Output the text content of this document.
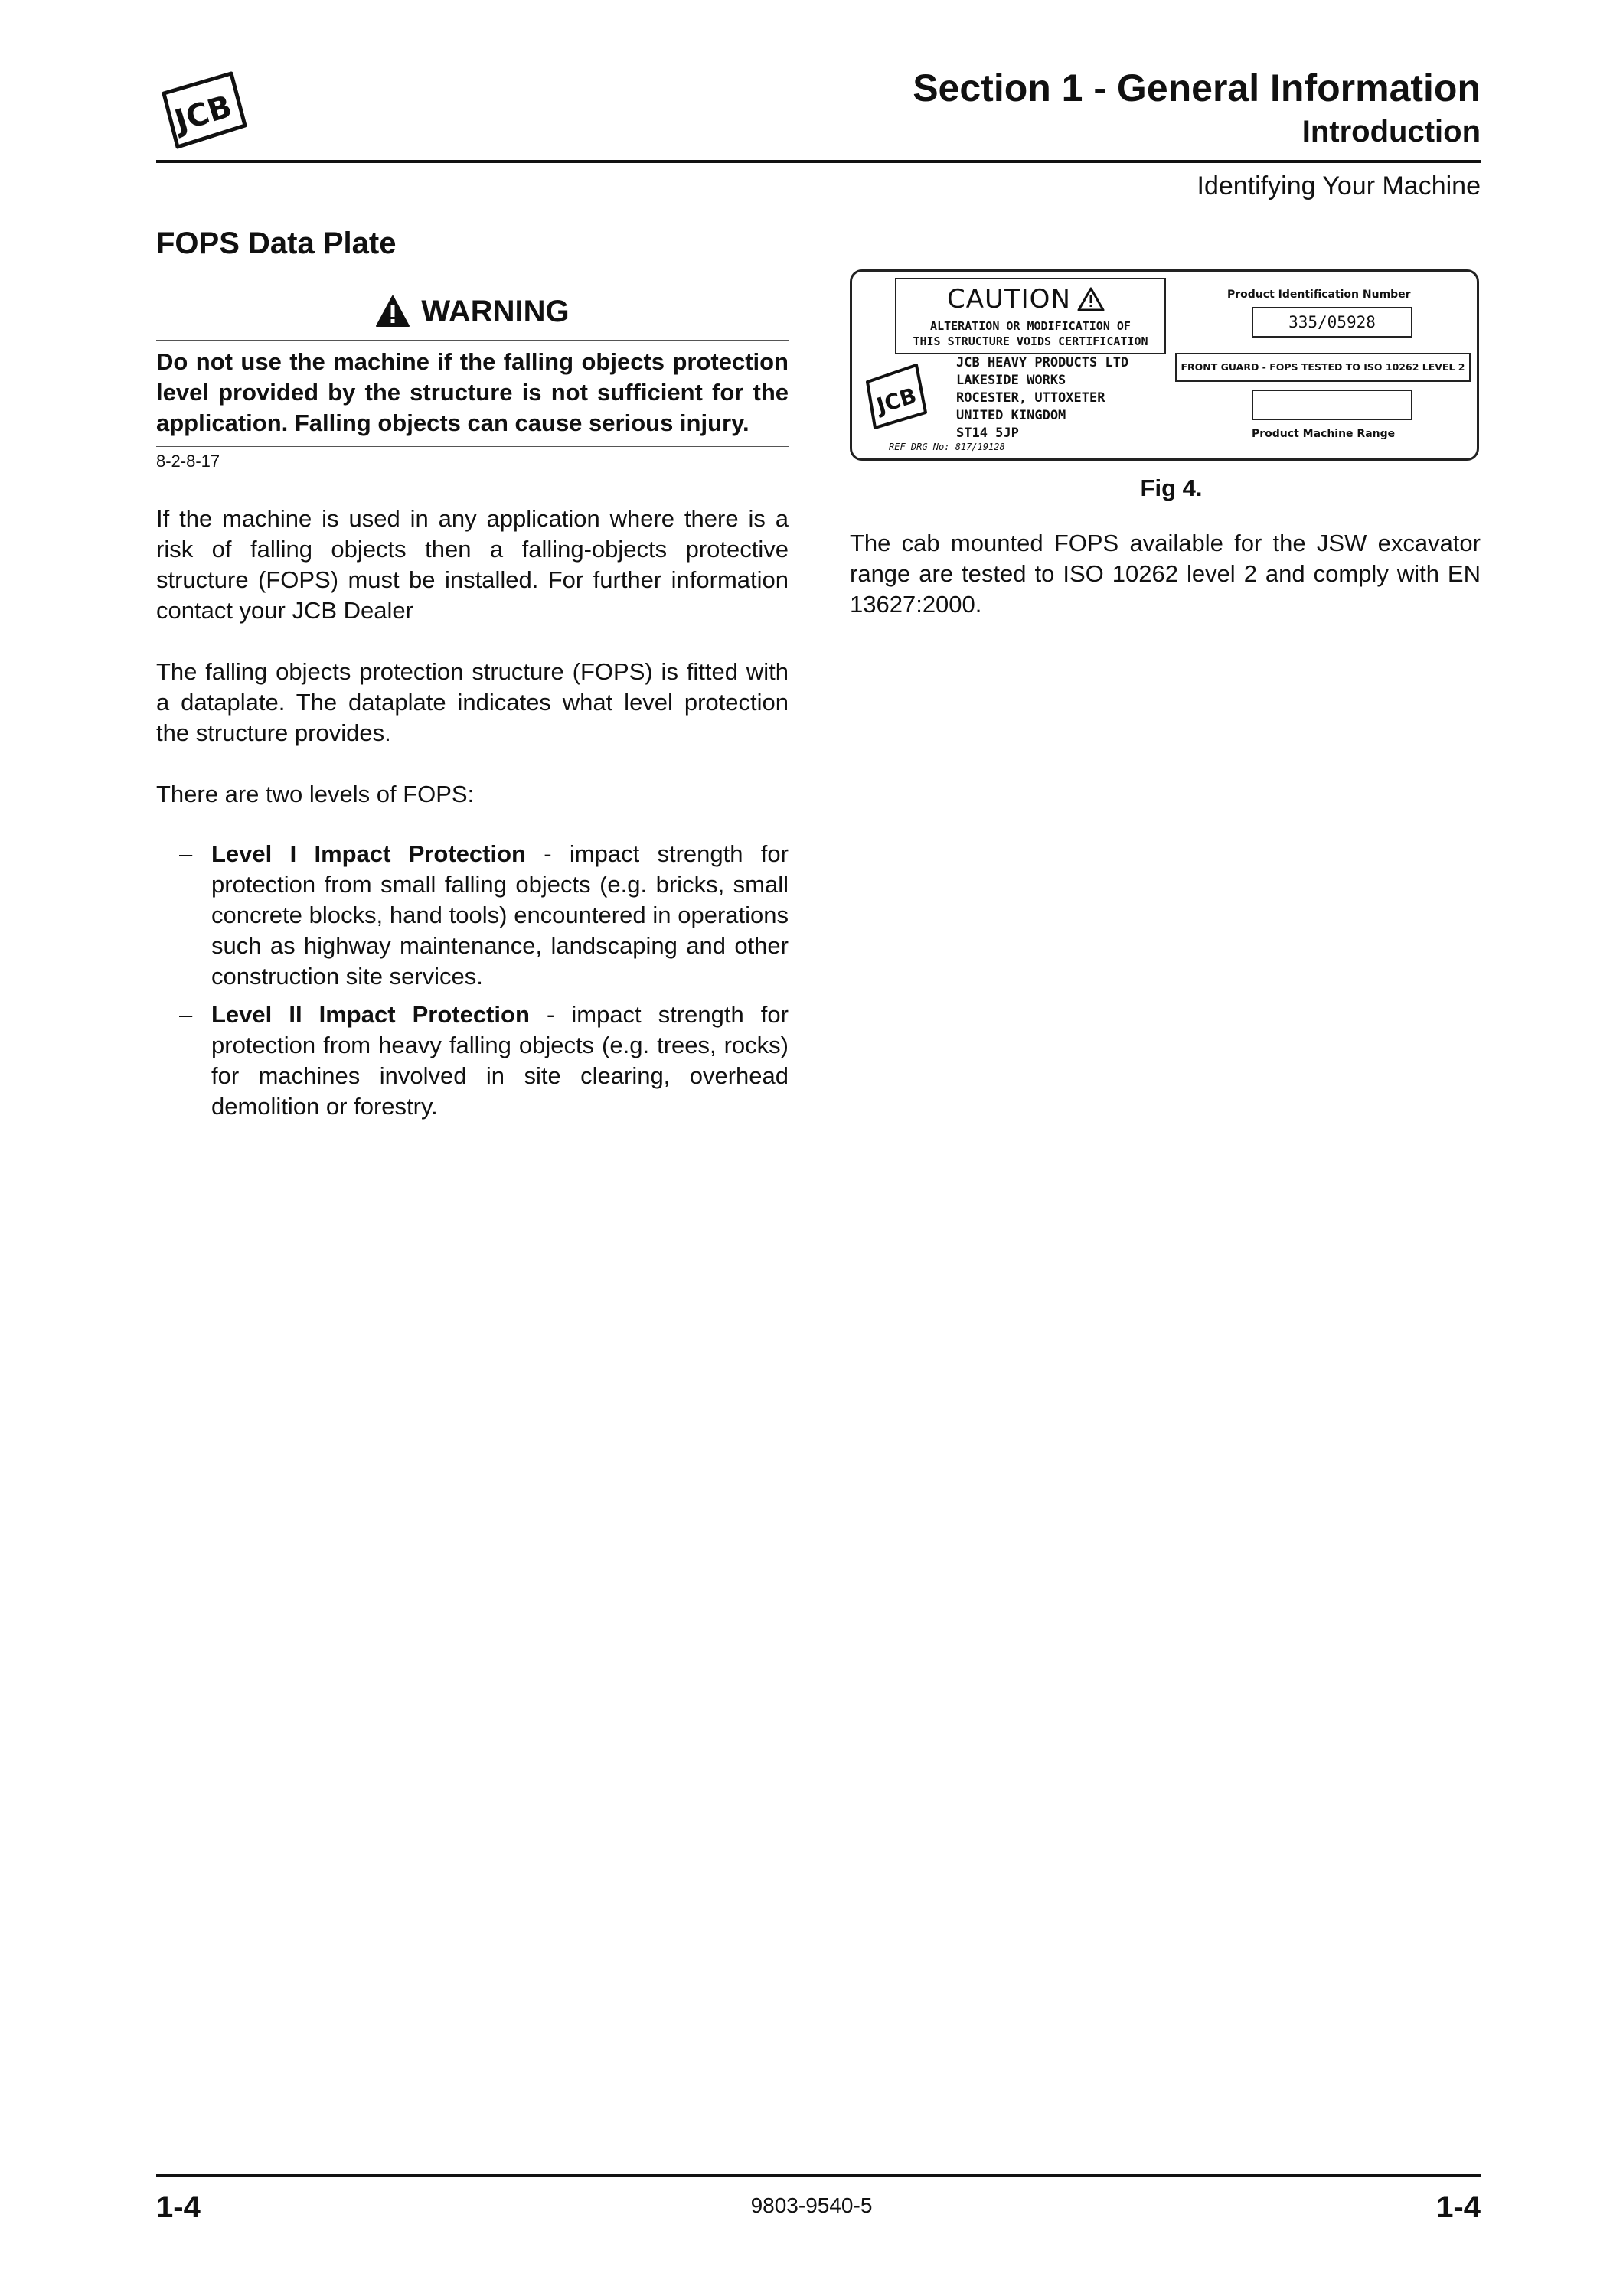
JCB
Section 1 - General Information
Introduction
Identifying Your Machine
FOPS Data Plate
WARNING

Do not use the machine if the falling objects protection level provided by the structure is not sufficient for the application. Falling objects can cause serious injury.

8-2-8-17

If the machine is used in any application where there is a risk of falling objects then a falling-objects protective structure (FOPS) must be installed. For further information contact your JCB Dealer

The falling objects protection structure (FOPS) is fitted with a dataplate. The dataplate indicates what level protection the structure provides.

There are two levels of FOPS:

– Level I Impact Protection - impact strength for protection from small falling objects (e.g. bricks, small concrete blocks, hand tools) encountered in operations such as highway maintenance, landscaping and other construction site services.
– Level II Impact Protection - impact strength for protection from heavy falling objects (e.g. trees, rocks) for machines involved in site clearing, overhead demolition or forestry.
CAUTION
ALTERATION OR MODIFICATION OF
THIS STRUCTURE VOIDS CERTIFICATION
JCB
JCB HEAVY PRODUCTS LTD
LAKESIDE WORKS
ROCESTER, UTTOXETER
UNITED KINGDOM
ST14 5JP
REF DRG No: 817/19128
Product Identification Number
335/05928
FRONT GUARD - FOPS TESTED TO ISO 10262 LEVEL 2
Product Machine Range
Fig 4.

The cab mounted FOPS available for the JSW excavator range are tested to ISO 10262 level 2 and comply with EN 13627:2000.

1-4	9803-9540-5	1-4
